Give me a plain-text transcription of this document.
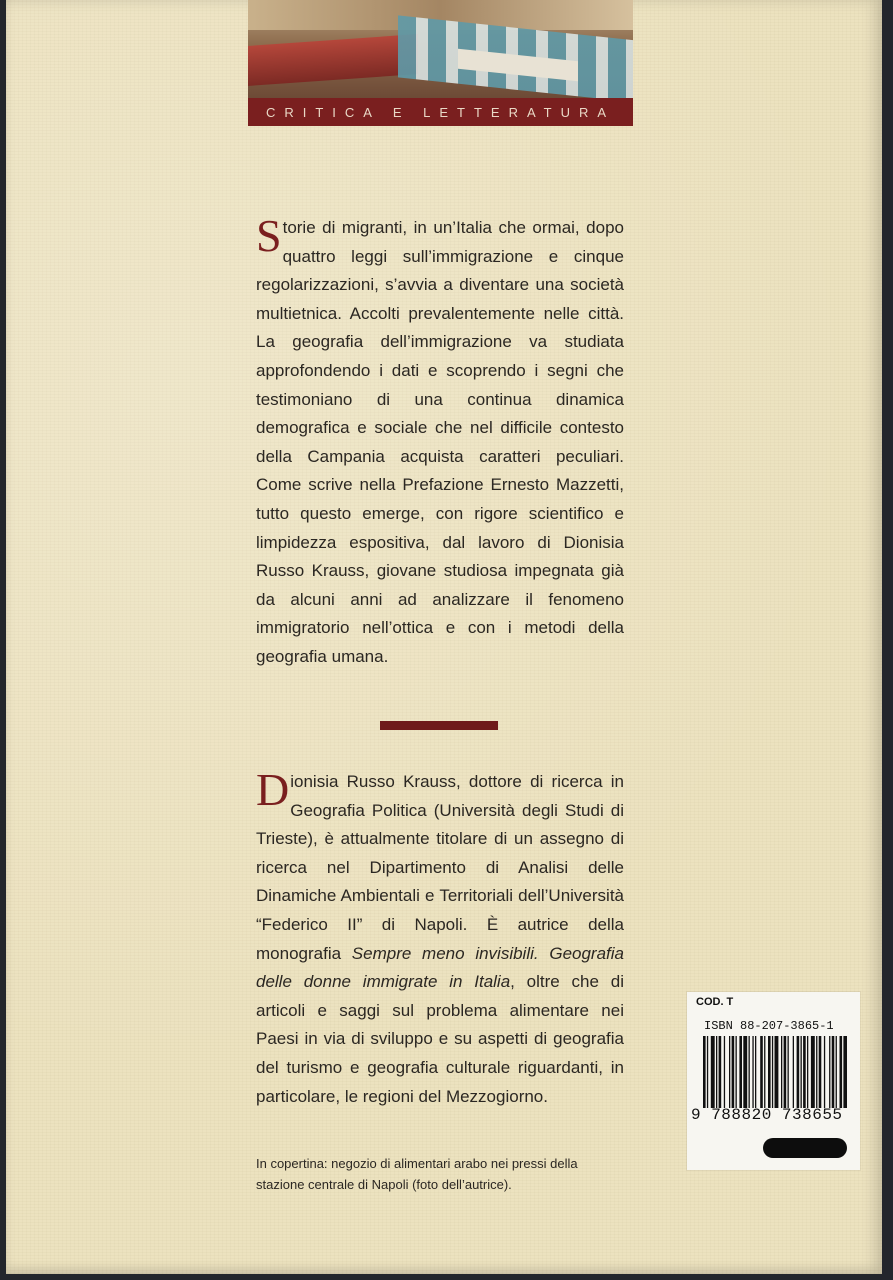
CRITICA E LETTERATURA
Storie di migranti, in un’Italia che ormai, dopo quattro leggi sull’immigrazione e cinque regolarizzazioni, s’avvia a diventare una società multietnica. Accolti prevalentemente nelle città. La geografia dell’immigrazione va studiata approfondendo i dati e scoprendo i segni che testimoniano di una continua dinamica demografica e sociale che nel difficile contesto della Campania acquista caratteri peculiari. Come scrive nella Prefazione Ernesto Mazzetti, tutto questo emerge, con rigore scientifico e limpidezza espositiva, dal lavoro di Dionisia Russo Krauss, giovane studiosa impegnata già da alcuni anni ad analizzare il fenomeno immigratorio nell’ottica e con i metodi della geografia umana.
Dionisia Russo Krauss, dottore di ricerca in Geografia Politica (Università degli Studi di Trieste), è attualmente titolare di un assegno di ricerca nel Dipartimento di Analisi delle Dinamiche Ambientali e Territoriali dell’Università “Federico II” di Napoli. È autrice della monografia Sempre meno invisibili. Geografia delle donne immigrate in Italia, oltre che di articoli e saggi sul problema alimentare nei Paesi in via di sviluppo e su aspetti di geografia del turismo e geografia culturale riguardanti, in particolare, le regioni del Mezzogiorno.
In copertina: negozio di alimentari arabo nei pressi della stazione centrale di Napoli (foto dell’autrice).
COD. T
ISBN 88-207-3865-1
9 788820 738655
